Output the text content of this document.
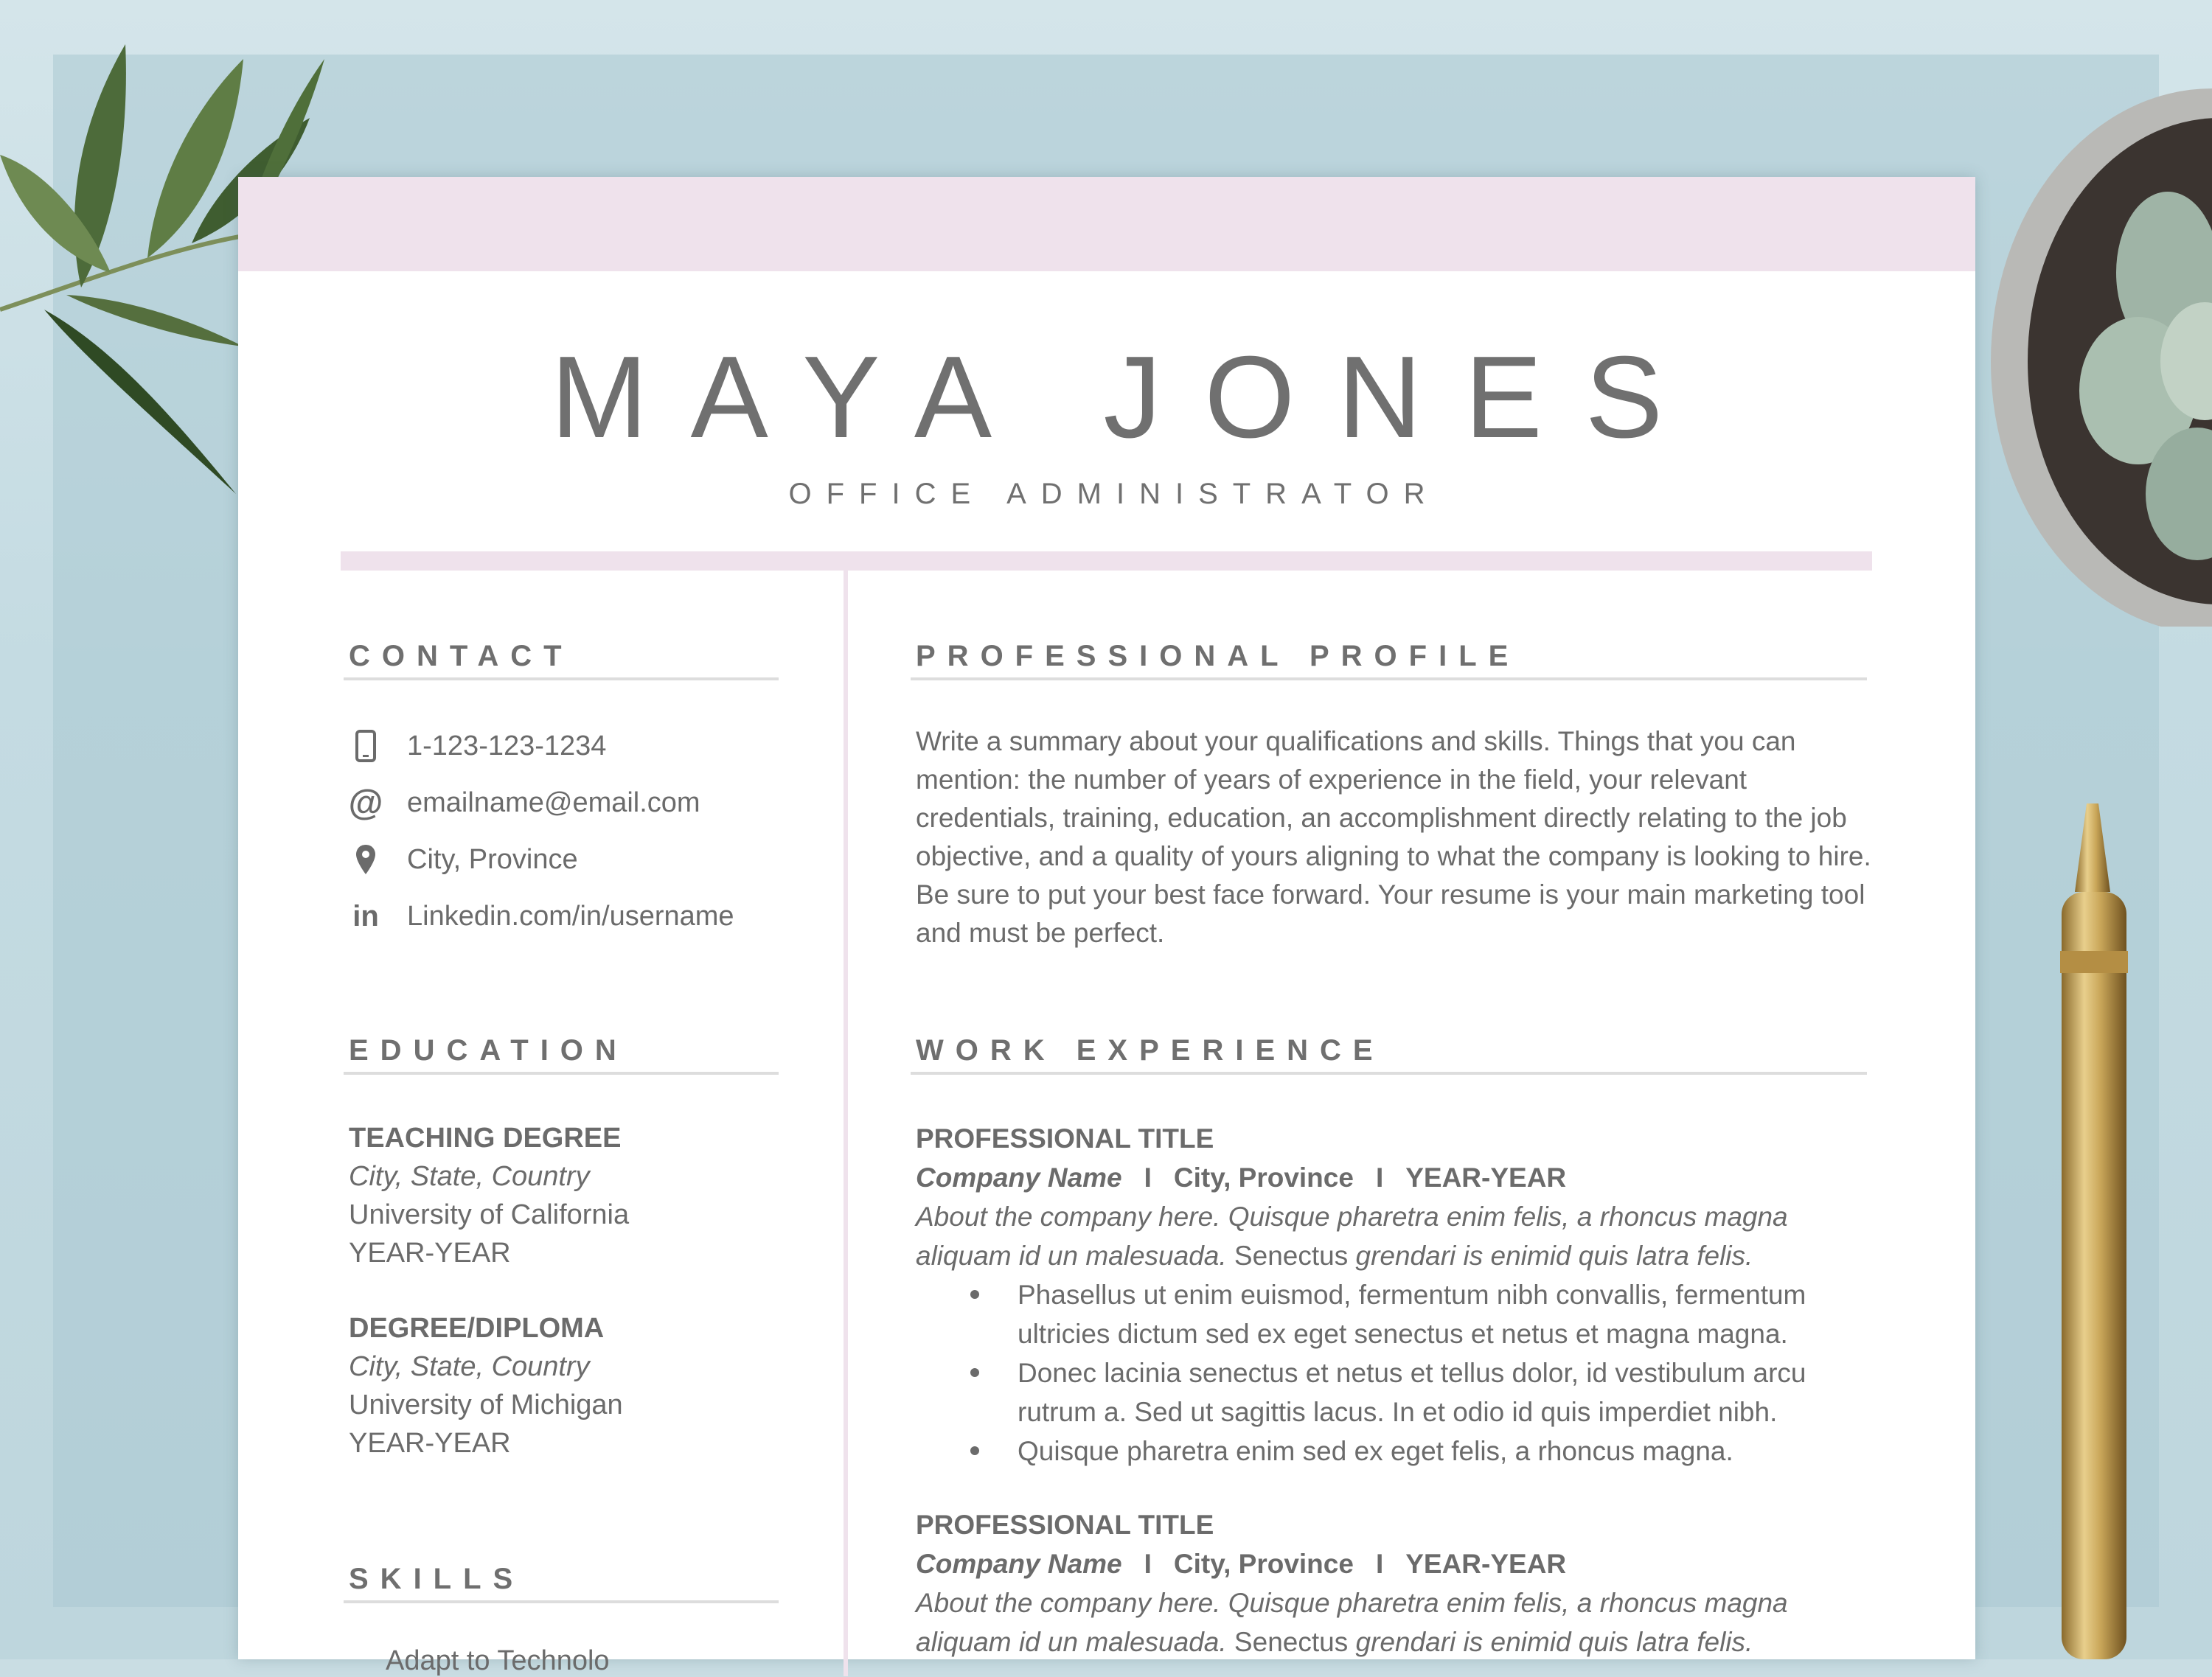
MAYA JONES
OFFICE ADMINISTRATOR
CONTACT
1-123-123-1234
@ emailname@email.com
City, Province
in Linkedin.com/in/username
EDUCATION
TEACHING DEGREE
City, State, Country
University of California
YEAR-YEAR
DEGREE/DIPLOMA
City, State, Country
University of Michigan
YEAR-YEAR
SKILLS
Adapt to Technolo
PROFESSIONAL PROFILE
Write a summary about your qualifications and skills. Things that you can mention: the number of years of experience in the field, your relevant credentials, training, education, an accomplishment directly relating to the job objective, and a quality of yours aligning to what the company is looking to hire. Be sure to put your best face forward. Your resume is your main marketing tool and must be perfect.
WORK EXPERIENCE
PROFESSIONAL TITLE
Company Name I City, Province I YEAR-YEAR
About the company here. Quisque pharetra enim felis, a rhoncus magna aliquam id un malesuada. Senectus grendari is enimid quis latra felis.
Phasellus ut enim euismod, fermentum nibh convallis, fermentum ultricies dictum sed ex eget senectus et netus et magna magna.
Donec lacinia senectus et netus et tellus dolor, id vestibulum arcu rutrum a. Sed ut sagittis lacus. In et odio id quis imperdiet nibh.
Quisque pharetra enim sed ex eget felis, a rhoncus magna.
PROFESSIONAL TITLE
Company Name I City, Province I YEAR-YEAR
About the company here. Quisque pharetra enim felis, a rhoncus magna aliquam id un malesuada. Senectus grendari is enimid quis latra felis.
